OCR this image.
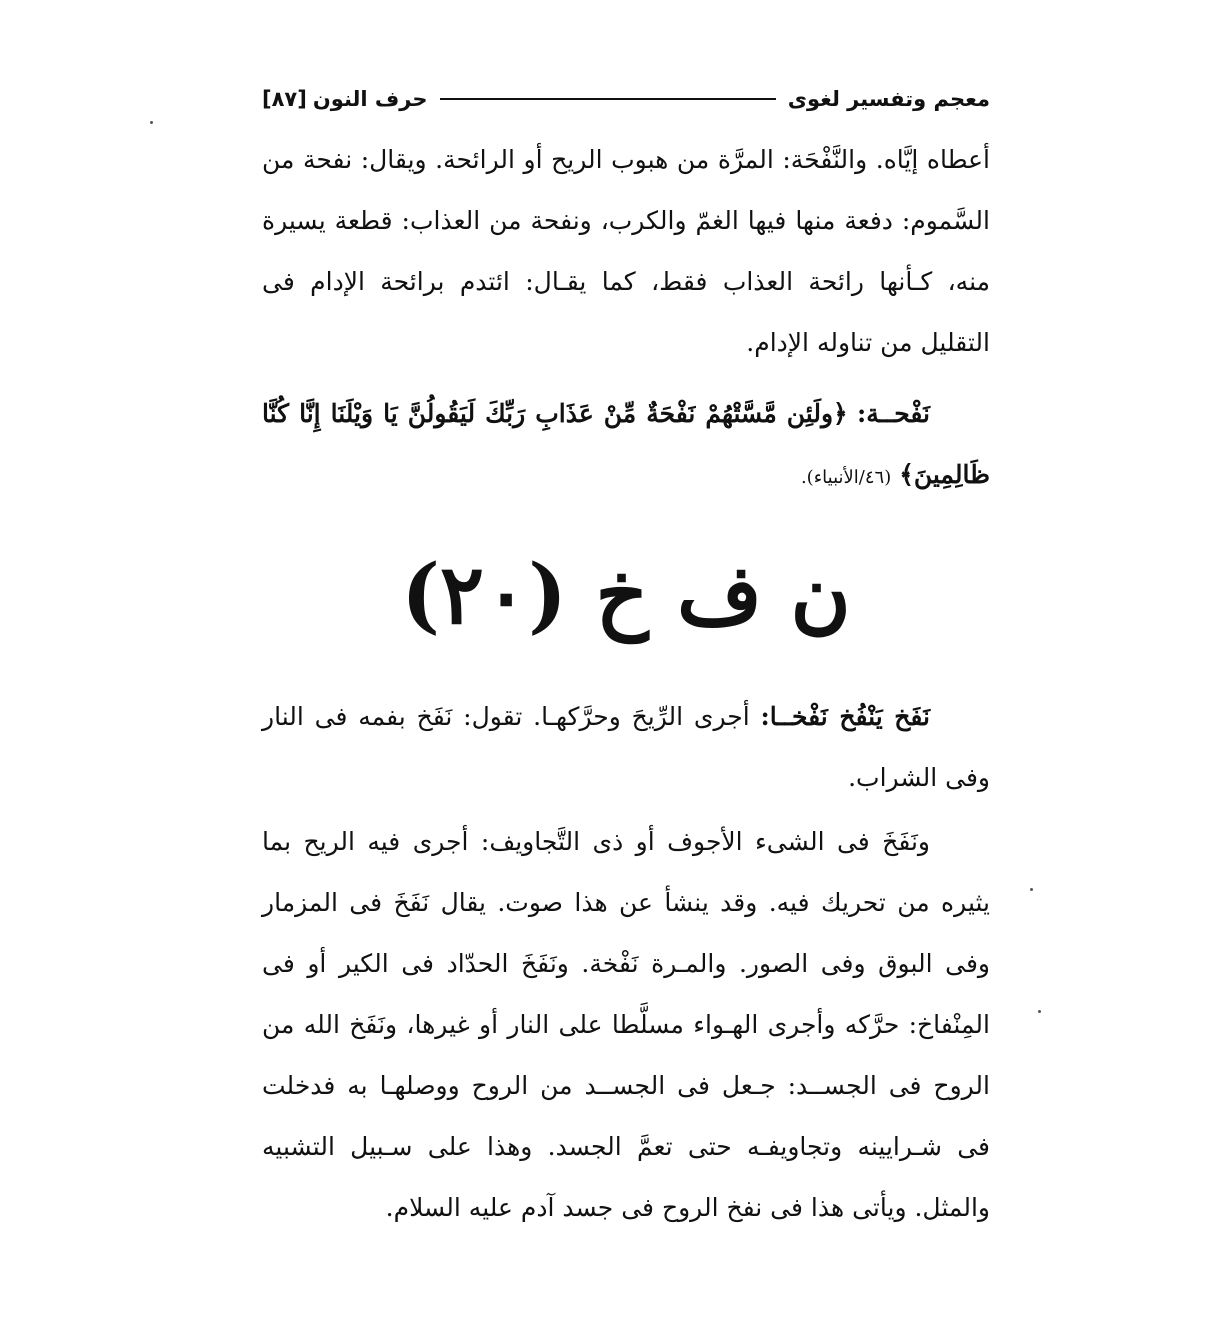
معجم وتفسير لغوى
حرف النون
[٨٧]

أعطاه إيَّاه. والنَّفْحَة: المرَّة من هبوب الريح أو الرائحة. ويقال: نفحة من السَّموم: دفعة منها فيها الغمّ والكرب، ونفحة من العذاب: قطعة يسيرة منه، كـأنها رائحة العذاب فقط، كما يقـال: ائتدم برائحة الإدام فى التقليل من تناوله الإدام.

نَفْحــة: ﴿ولَئِن مَّسَّتْهُمْ نَفْحَةٌ مِّنْ عَذَابِ رَبِّكَ لَيَقُولُنَّ يَا وَيْلَنَا إِنَّا كُنَّا ظَالِمِينَ﴾ (٤٦/الأنبياء).

ن ف خ (٢٠)

نَفَخ يَنْفُخ نَفْخــا: أجرى الرِّيحَ وحرَّكهـا. تقول: نَفَخ بفمه فى النار وفى الشراب.

ونَفَخَ فى الشىء الأجوف أو ذى التَّجاويف: أجرى فيه الريح بما يثيره من تحريك فيه. وقد ينشأ عن هذا صوت. يقال نَفَخَ فى المزمار وفى البوق وفى الصور. والمـرة نَفْخة. ونَفَخَ الحدّاد فى الكير أو فى المِنْفاخ: حرَّكه وأجرى الهـواء مسلَّطا على النار أو غيرها، ونَفَخ الله من الروح فى الجســد: جـعل فى الجســد من الروح ووصلهـا به فدخلت فى شـرايينه وتجاويفـه حتى تعمَّ الجسد. وهذا على سـبيل التشبيه والمثل. ويأتى هذا فى نفخ الروح فى جسد آدم عليه السلام.
